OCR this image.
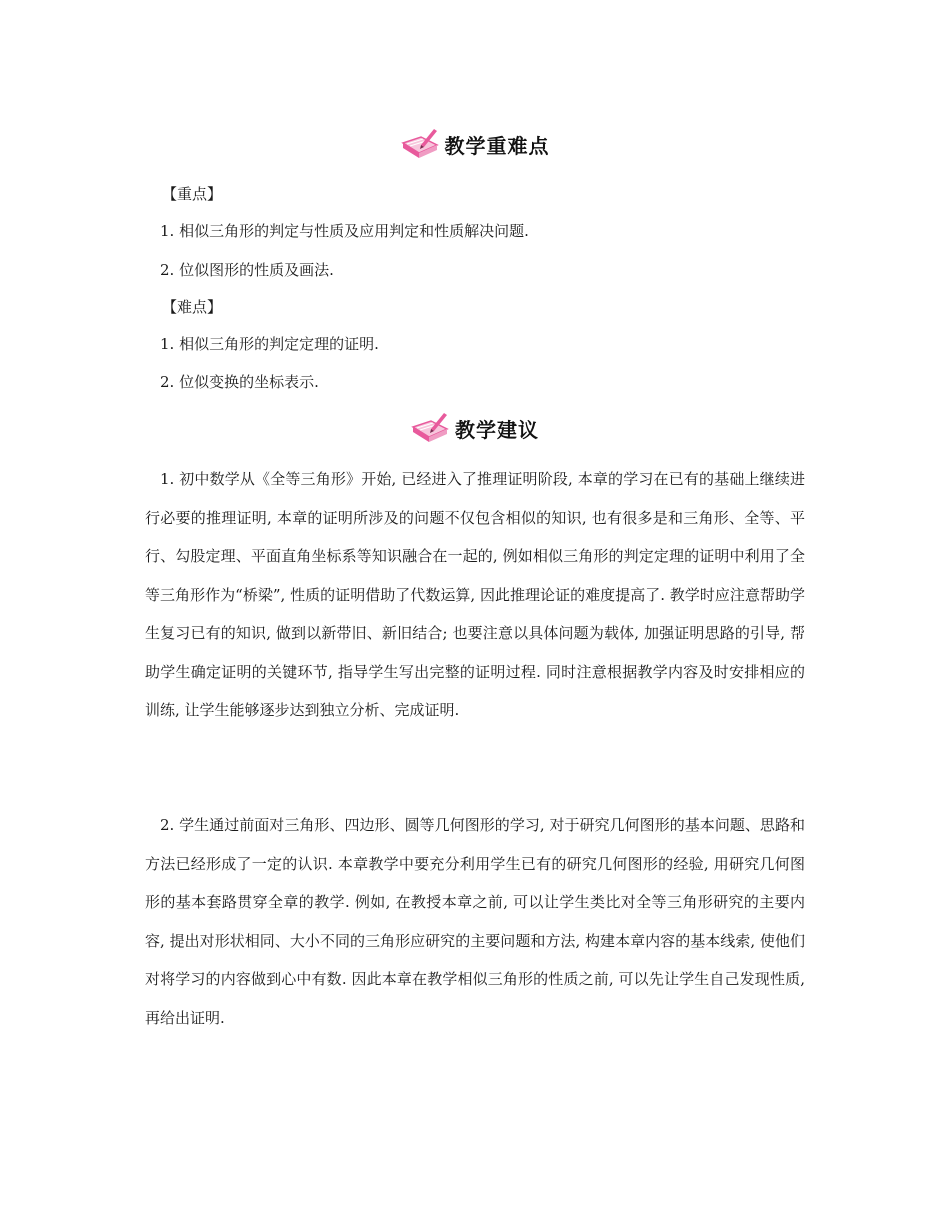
教学重难点
【重点】
1. 相似三角形的判定与性质及应用判定和性质解决问题.
2. 位似图形的性质及画法.
【难点】
1. 相似三角形的判定定理的证明.
2. 位似变换的坐标表示.
教学建议
1. 初中数学从《全等三角形》开始, 已经进入了推理证明阶段, 本章的学习在已有的基础上继续进行必要的推理证明, 本章的证明所涉及的问题不仅包含相似的知识, 也有很多是和三角形、全等、平行、勾股定理、平面直角坐标系等知识融合在一起的, 例如相似三角形的判定定理的证明中利用了全等三角形作为“桥梁”, 性质的证明借助了代数运算, 因此推理论证的难度提高了. 教学时应注意帮助学生复习已有的知识, 做到以新带旧、新旧结合; 也要注意以具体问题为载体, 加强证明思路的引导, 帮助学生确定证明的关键环节, 指导学生写出完整的证明过程. 同时注意根据教学内容及时安排相应的训练, 让学生能够逐步达到独立分析、完成证明.
2. 学生通过前面对三角形、四边形、圆等几何图形的学习, 对于研究几何图形的基本问题、思路和方法已经形成了一定的认识. 本章教学中要充分利用学生已有的研究几何图形的经验, 用研究几何图形的基本套路贯穿全章的教学. 例如, 在教授本章之前, 可以让学生类比对全等三角形研究的主要内容, 提出对形状相同、大小不同的三角形应研究的主要问题和方法, 构建本章内容的基本线索, 使他们对将学习的内容做到心中有数. 因此本章在教学相似三角形的性质之前, 可以先让学生自己发现性质, 再给出证明.
